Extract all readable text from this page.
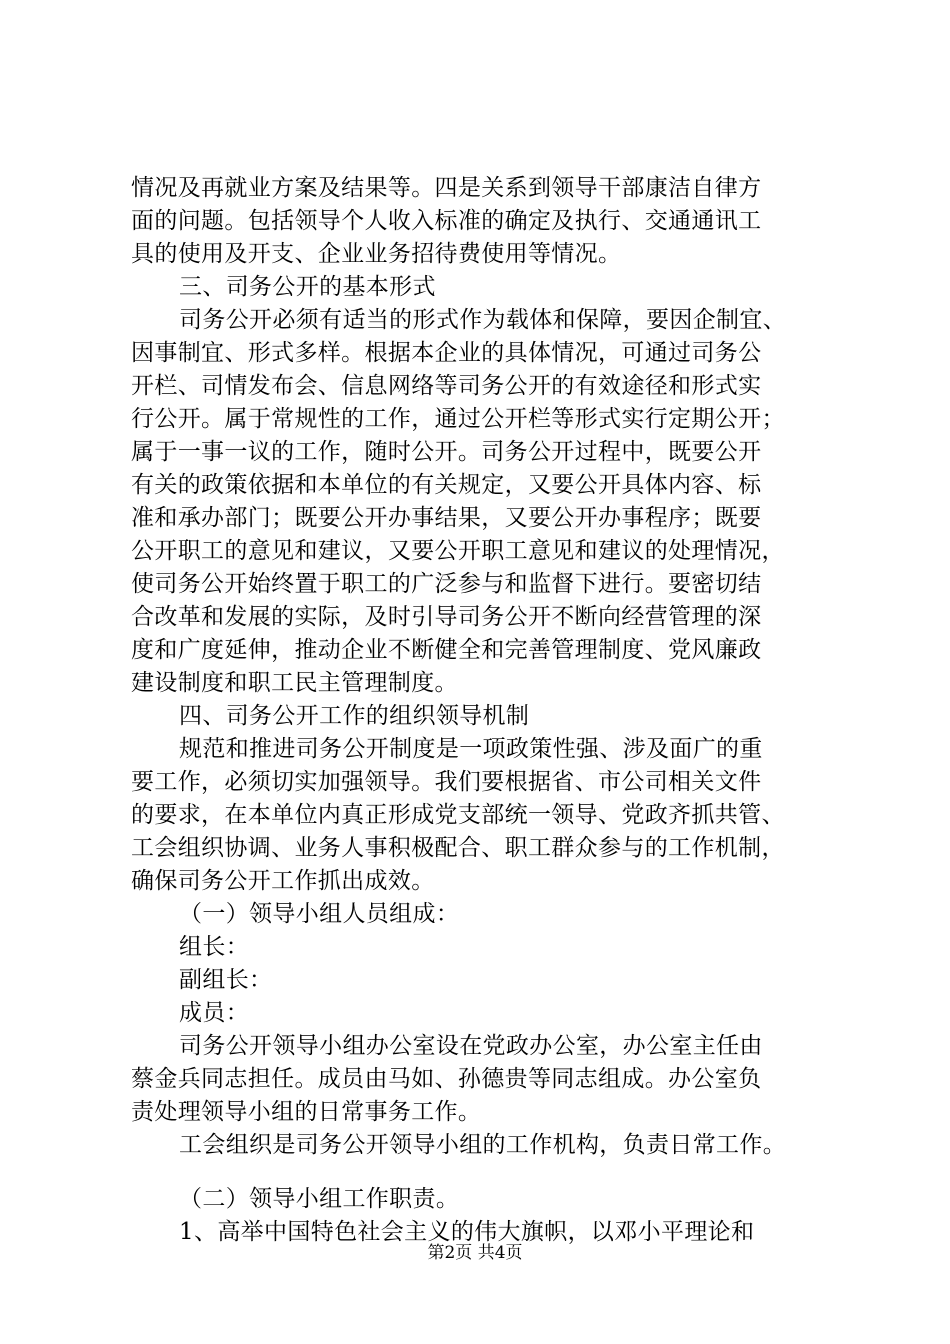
情况及再就业方案及结果等。四是关系到领导干部康洁自律方
面的问题。包括领导个人收入标准的确定及执行、交通通讯工
具的使用及开支、企业业务招待费使用等情况。
三、司务公开的基本形式
司务公开必须有适当的形式作为载体和保障，要因企制宜、
因事制宜、形式多样。根据本企业的具体情况，可通过司务公
开栏、司情发布会、信息网络等司务公开的有效途径和形式实
行公开。属于常规性的工作，通过公开栏等形式实行定期公开；
属于一事一议的工作，随时公开。司务公开过程中，既要公开
有关的政策依据和本单位的有关规定，又要公开具体内容、标
准和承办部门；既要公开办事结果，又要公开办事程序；既要
公开职工的意见和建议，又要公开职工意见和建议的处理情况，
使司务公开始终置于职工的广泛参与和监督下进行。要密切结
合改革和发展的实际，及时引导司务公开不断向经营管理的深
度和广度延伸，推动企业不断健全和完善管理制度、党风廉政
建设制度和职工民主管理制度。
四、司务公开工作的组织领导机制
规范和推进司务公开制度是一项政策性强、涉及面广的重
要工作，必须切实加强领导。我们要根据省、市公司相关文件
的要求，在本单位内真正形成党支部统一领导、党政齐抓共管、
工会组织协调、业务人事积极配合、职工群众参与的工作机制，
确保司务公开工作抓出成效。
（一）领导小组人员组成：
组长：
副组长：
成员：
司务公开领导小组办公室设在党政办公室，办公室主任由
蔡金兵同志担任。成员由马如、孙德贵等同志组成。办公室负
责处理领导小组的日常事务工作。
工会组织是司务公开领导小组的工作机构，负责日常工作。
（二）领导小组工作职责。
1、高举中国特色社会主义的伟大旗帜，以邓小平理论和
第2页 共4页
